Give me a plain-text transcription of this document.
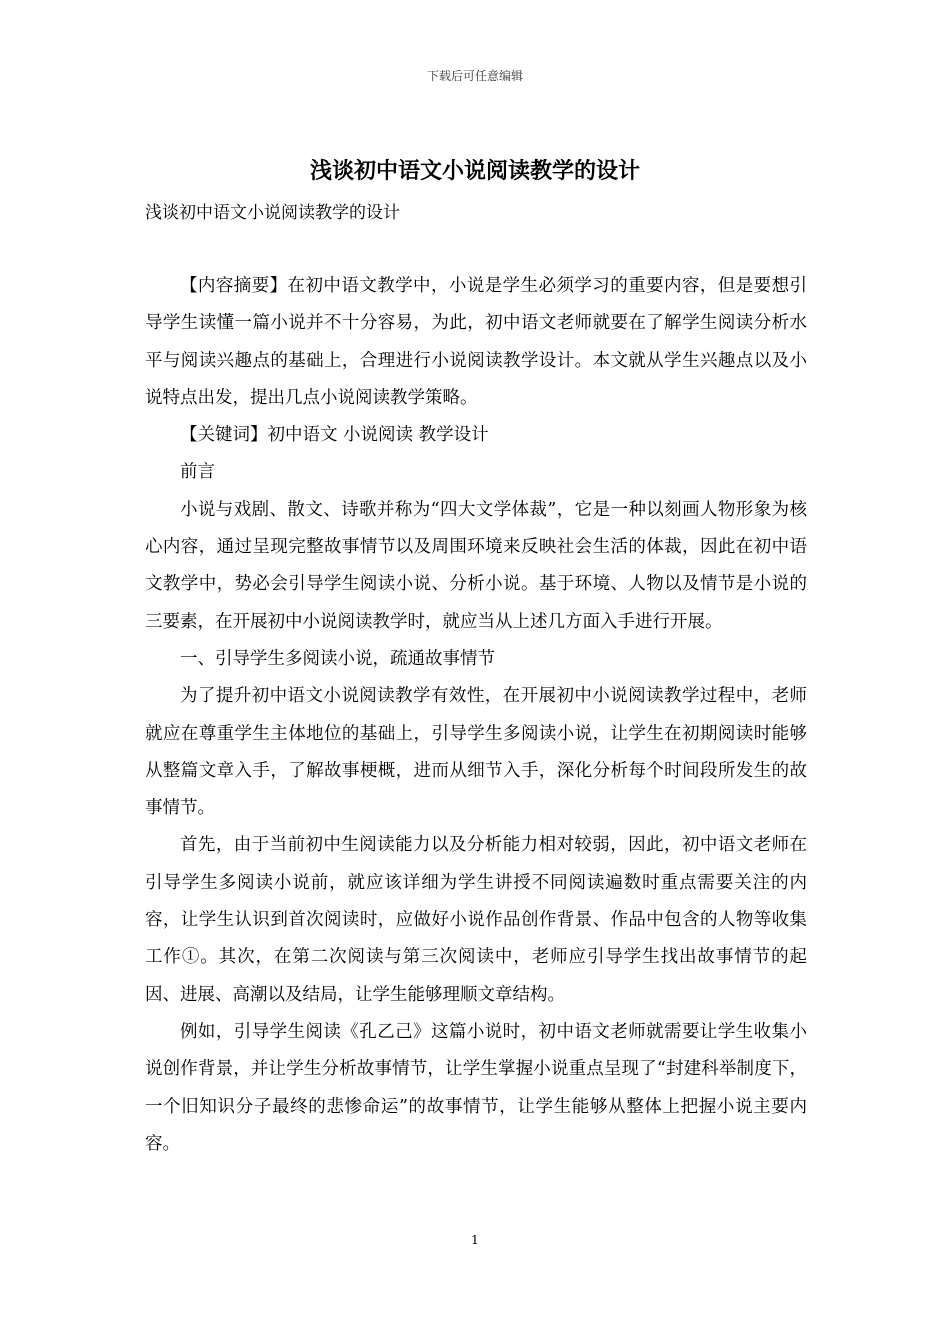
下载后可任意编辑
浅谈初中语文小说阅读教学的设计

浅谈初中语文小说阅读教学的设计

【内容摘要】在初中语文教学中，小说是学生必须学习的重要内容，但是要想引导学生读懂一篇小说并不十分容易，为此，初中语文老师就要在了解学生阅读分析水平与阅读兴趣点的基础上，合理进行小说阅读教学设计。本文就从学生兴趣点以及小说特点出发，提出几点小说阅读教学策略。

【关键词】初中语文 小说阅读 教学设计

前言

小说与戏剧、散文、诗歌并称为“四大文学体裁”，它是一种以刻画人物形象为核心内容，通过呈现完整故事情节以及周围环境来反映社会生活的体裁，因此在初中语文教学中，势必会引导学生阅读小说、分析小说。基于环境、人物以及情节是小说的三要素，在开展初中小说阅读教学时，就应当从上述几方面入手进行开展。

一、引导学生多阅读小说，疏通故事情节

为了提升初中语文小说阅读教学有效性，在开展初中小说阅读教学过程中，老师就应在尊重学生主体地位的基础上，引导学生多阅读小说，让学生在初期阅读时能够从整篇文章入手，了解故事梗概，进而从细节入手，深化分析每个时间段所发生的故事情节。

首先，由于当前初中生阅读能力以及分析能力相对较弱，因此，初中语文老师在引导学生多阅读小说前，就应该详细为学生讲授不同阅读遍数时重点需要关注的内容，让学生认识到首次阅读时，应做好小说作品创作背景、作品中包含的人物等收集工作①。其次，在第二次阅读与第三次阅读中，老师应引导学生找出故事情节的起因、进展、高潮以及结局，让学生能够理顺文章结构。

例如，引导学生阅读《孔乙己》这篇小说时，初中语文老师就需要让学生收集小说创作背景，并让学生分析故事情节，让学生掌握小说重点呈现了“封建科举制度下，一个旧知识分子最终的悲惨命运”的故事情节，让学生能够从整体上把握小说主要内容。

1
